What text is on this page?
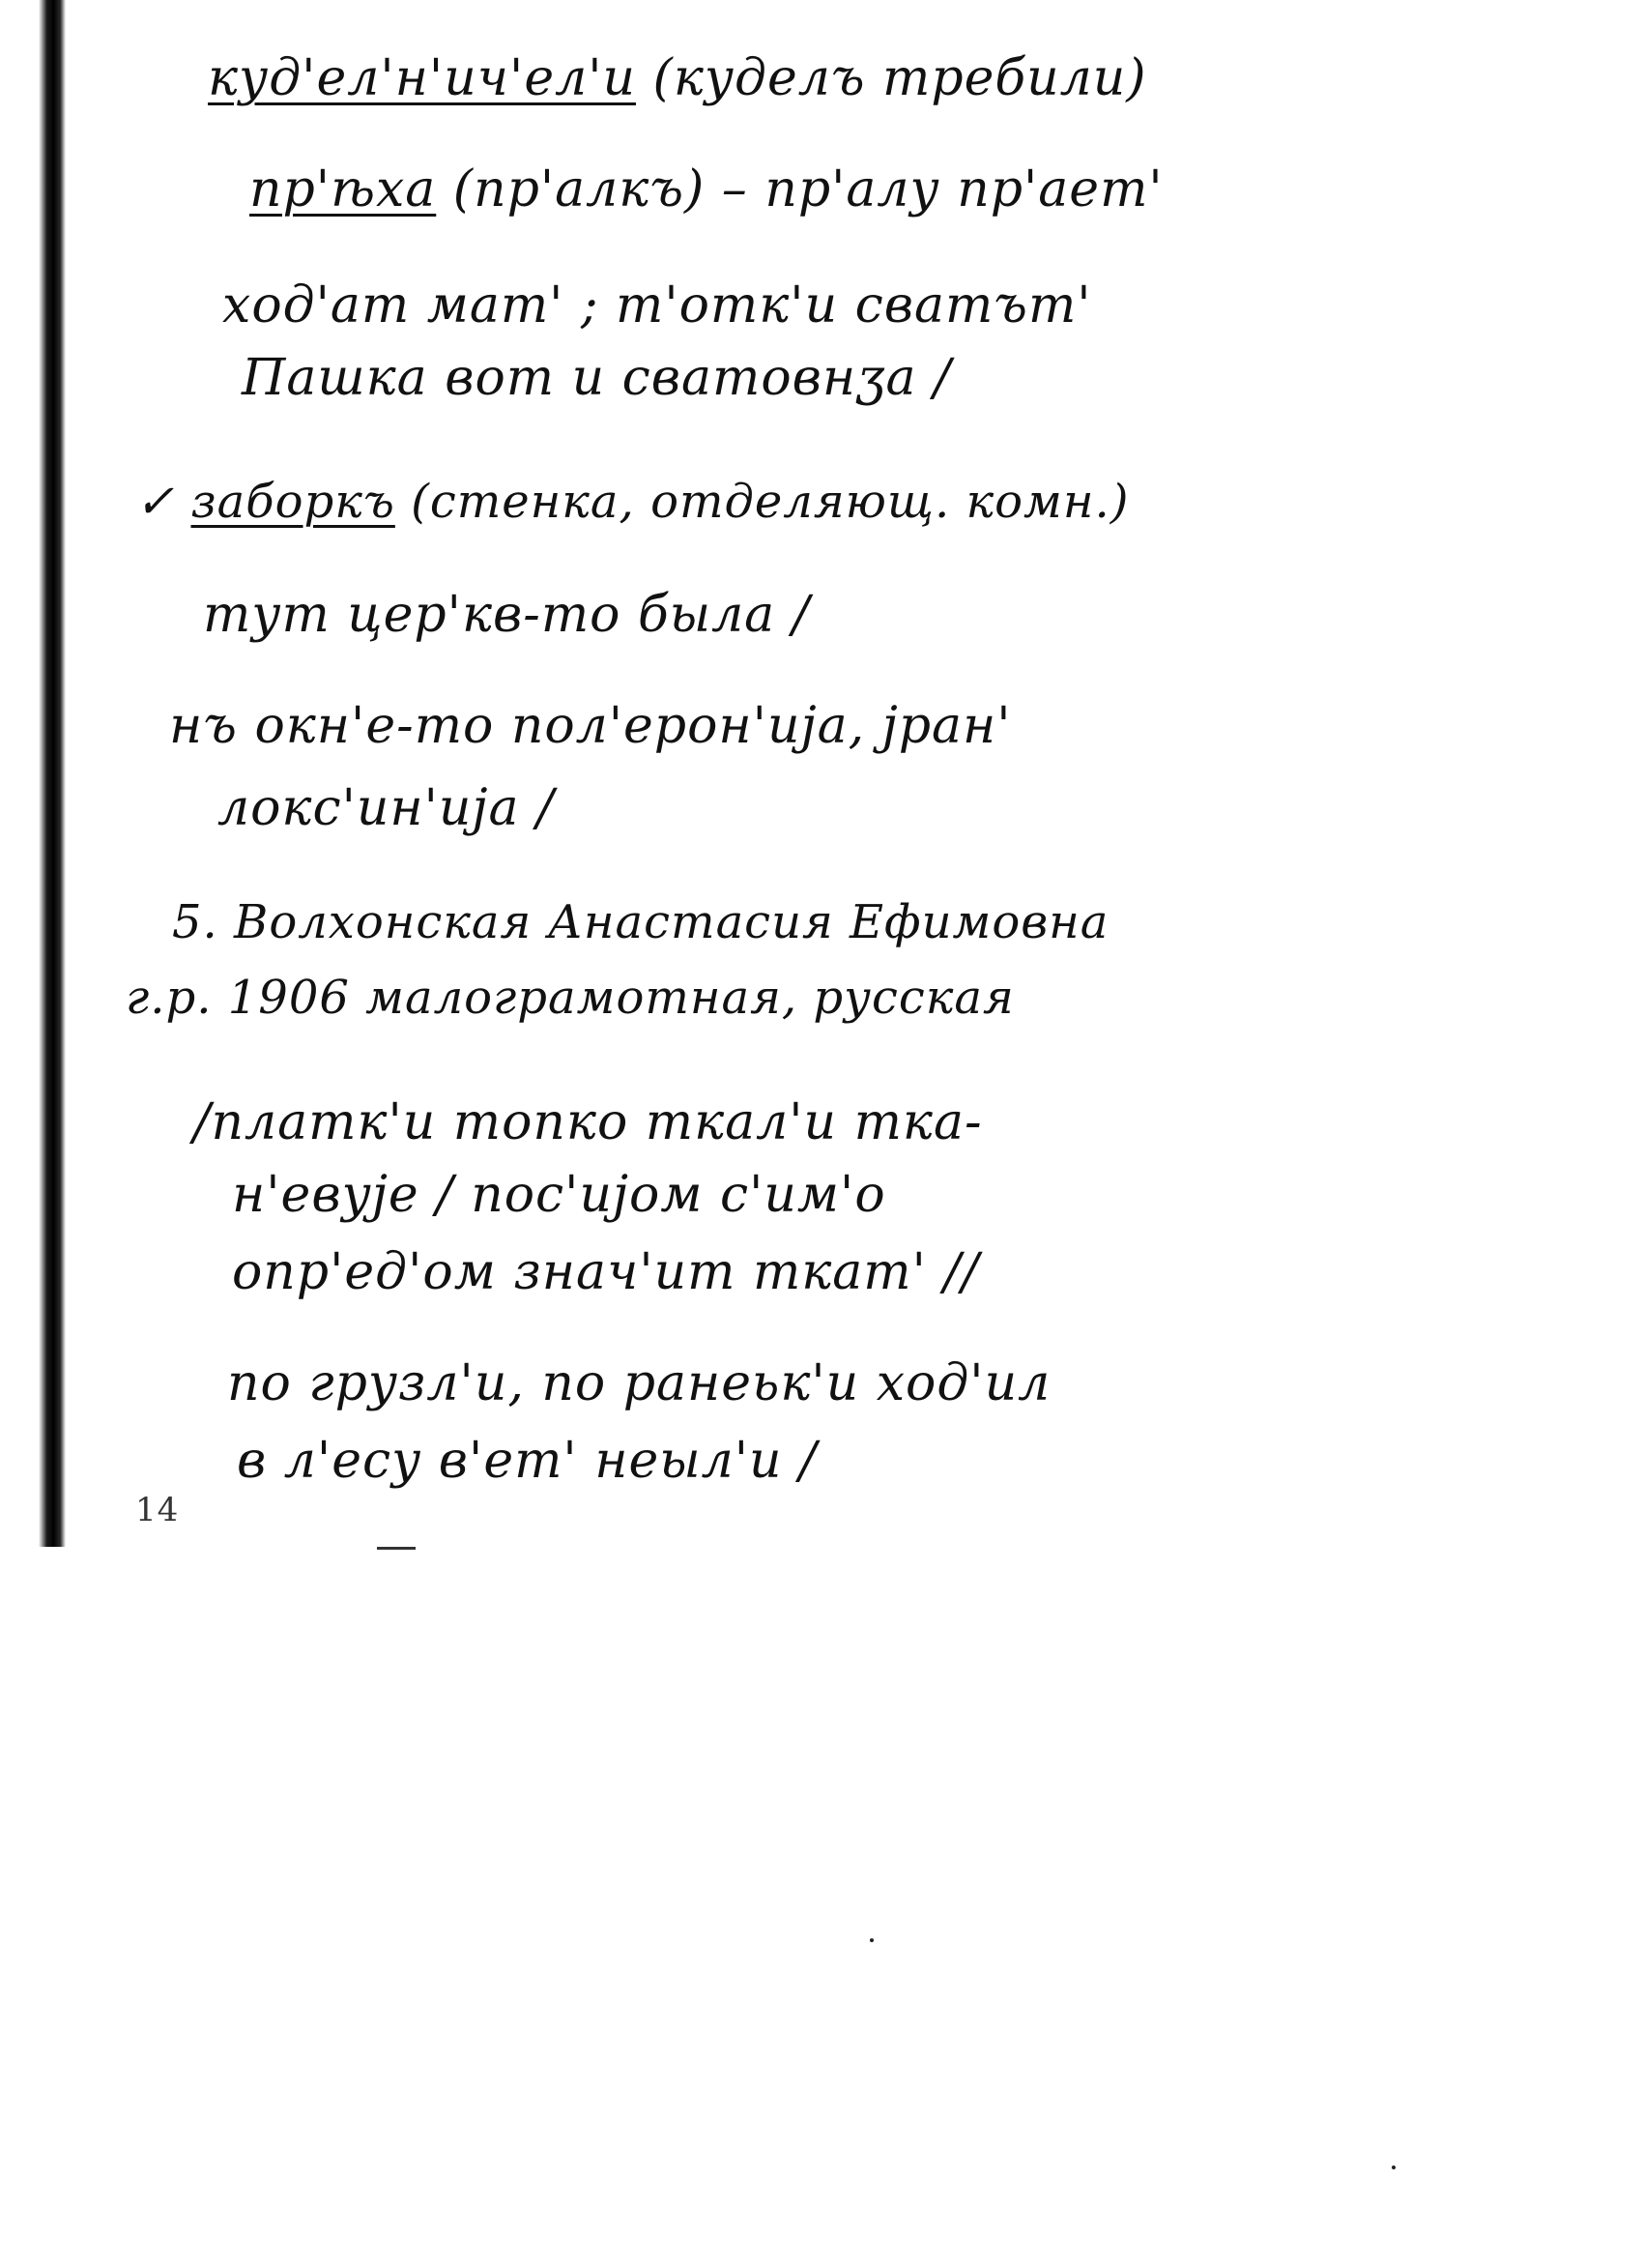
куд'ел'н'ич'ел'и (куделъ требили)
пр'ѣха (пр'алкъ) – пр'алу пр'ает'
ход'ат мат' ; т'отк'и сватът'
Пашка вот и сватовнӡа /
✓ заборкъ (стенка, отделяющ. комн.)
тут цер'кв-то была /
нъ окн'е-то пол'ерон'иjа, jран'
локс'ин'иjа /
5. Волхонская Анастасия Ефимовна
г.р. 1906 малограмотная, русская
/платк'и топко ткал'и тка-
н'евуjе / пос'иjом с'им'о
опр'ед'ом знач'ит ткат' //
по грузл'и, по ранеьк'и ход'ил
в л'есу в'ет' неыл'и /
14
